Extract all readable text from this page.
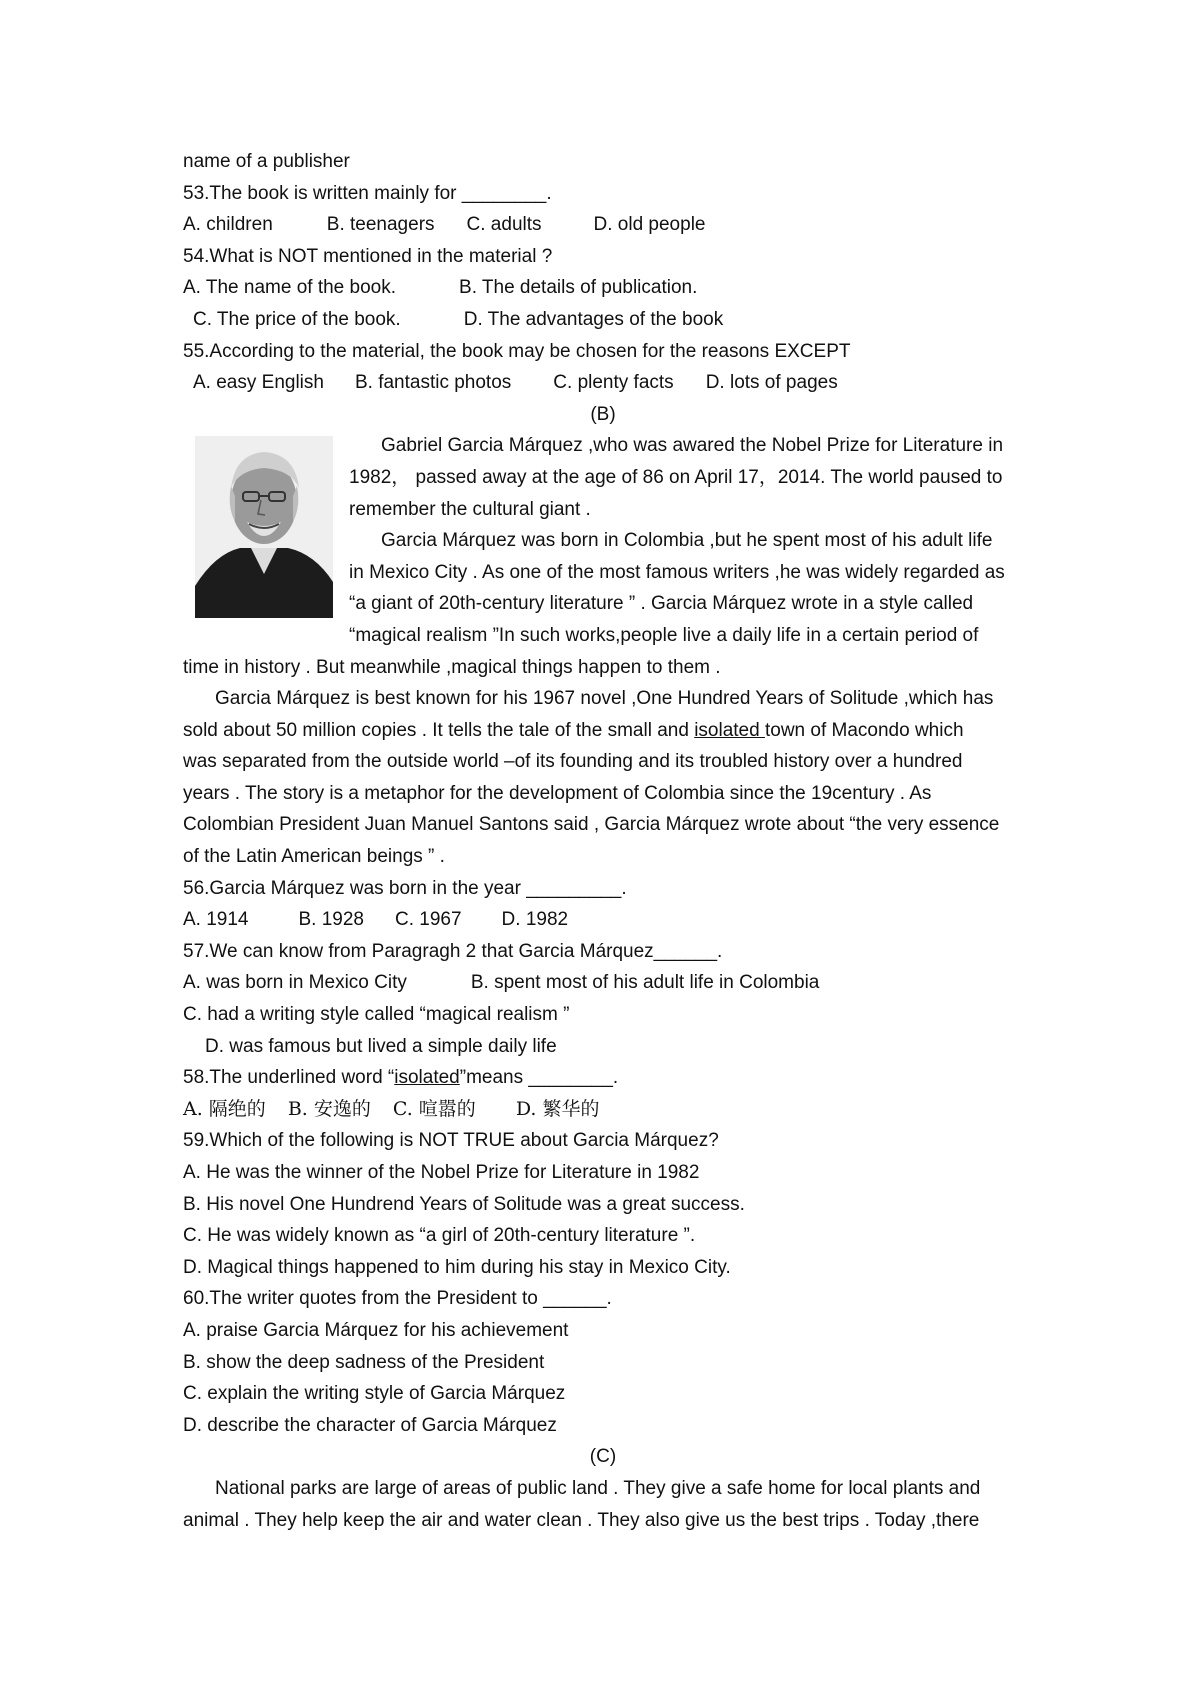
name of a publisher
53.The book is written mainly for ________.
A. children	B. teenagers C. adults	D. old people
54.What is NOT mentioned in the material ?
A. The name of the book.	B. The details of publication.
C. The price of the book.	D. The advantages of the book
55.According to the material, the book may be chosen for the reasons EXCEPT
A. easy English B. fantastic photos C. plenty facts D. lots of pages
(B)
Gabriel Garcia Márquez ,who was awared the Nobel Prize for Literature in
1982， passed away at the age of 86 on April 17，2014. The world paused to
remember the cultural giant .
Garcia Márquez was born in Colombia ,but he spent most of his adult life
in Mexico City . As one of the most famous writers ,he was widely regarded as
“a giant of 20th-century literature ” . Garcia Márquez wrote in a style called
“magical realism ”In such works,people live a daily life in a certain period of
time in history . But meanwhile ,magical things happen to them .
Garcia Márquez is best known for his 1967 novel ,One Hundred Years of Solitude ,which has
sold about 50 million copies . It tells the tale of the small and isolated town of Macondo which
was separated from the outside world –of its founding and its troubled history over a hundred
years . The story is a metaphor for the development of Colombia since the 19century . As
Colombian President Juan Manuel Santons said , Garcia Márquez wrote about “the very essence
of the Latin American beings ” .
56.Garcia Márquez was born in the year _________.
A. 1914	B. 1928 C. 1967 D. 1982
57.We can know from Paragragh 2 that Garcia Márquez______.
A. was born in Mexico City	B. spent most of his adult life in Colombia
C. had a writing style called “magical realism ”
D. was famous but lived a simple daily life
58.The underlined word “isolated”means ________.
A. 隔绝的 B. 安逸的 C. 喧嚣的 D. 繁华的
59.Which of the following is NOT TRUE about Garcia Márquez?
A. He was the winner of the Nobel Prize for Literature in 1982
B. His novel One Hundrend Years of Solitude was a great success.
C. He was widely known as “a girl of 20th-century literature ”.
D. Magical things happened to him during his stay in Mexico City.
60.The writer quotes from the President to ______.
A. praise Garcia Márquez for his achievement
B. show the deep sadness of the President
C. explain the writing style of Garcia Márquez
D. describe the character of Garcia Márquez
(C)
National parks are large of areas of public land . They give a safe home for local plants and
animal . They help keep the air and water clean . They also give us the best trips . Today ,there
